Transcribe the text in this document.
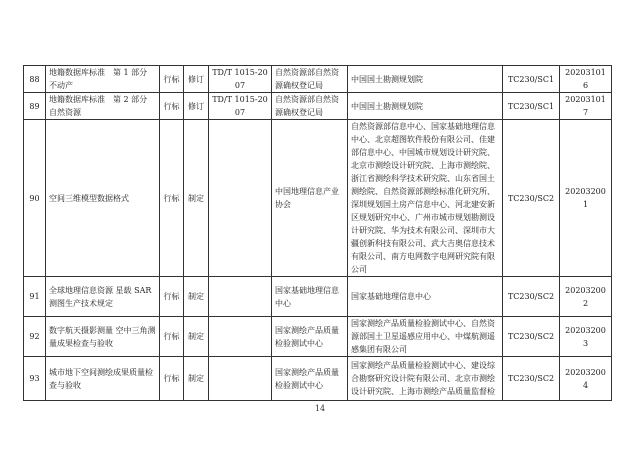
88	地籍数据库标准　第 1 部分 不动产	行标	修订	TD/T 1015-2007	自然资源部自然资源确权登记局	中国国土勘测规划院	TC230/SC1	202031016
89	地籍数据库标准　第 2 部分 自然资源	行标	修订	TD/T 1015-2007	自然资源部自然资源确权登记局	中国国土勘测规划院	TC230/SC1	202031017
90	空间三维模型数据格式	行标	制定		中国地理信息产业协会	自然资源部信息中心、国家基础地理信息中心、北京超图软件股份有限公司、佳建部信息中心、中国城市规划设计研究院、北京市测绘设计研究院、上海市测绘院、浙江省测绘科学技术研究院、山东省国土测绘院、自然资源部测绘标准化研究所、深圳规划国土房产信息中心、河北建安新区规划研究中心、广州市城市规划勘测设计研究院、华为技术有限公司、深圳市大疆创新科技有限公司、武大吉奥信息技术有限公司、南方电网数字电网研究院有限公司	TC230/SC2	202032001
91	全球地理信息资源 星载 SAR 测图生产技术规定	行标	制定		国家基础地理信息中心	国家基础地理信息中心	TC230/SC2	202032002
92	数字航天摄影测量 空中三角测量成果检查与验收	行标	制定		国家测绘产品质量检验测试中心	国家测绘产品质量检验测试中心、自然资源部国土卫星遥感应用中心、中煤航测遥感集团有限公司	TC230/SC2	202032003
93	城市地下空间测绘成果质量检查与验收	行标	制定		国家测绘产品质量检验测试中心	国家测绘产品质量检验测试中心、建设综合勘察研究设计院有限公司、北京市测绘设计研究院、上海市测绘产品质量监督检	TC230/SC2	202032004
14
